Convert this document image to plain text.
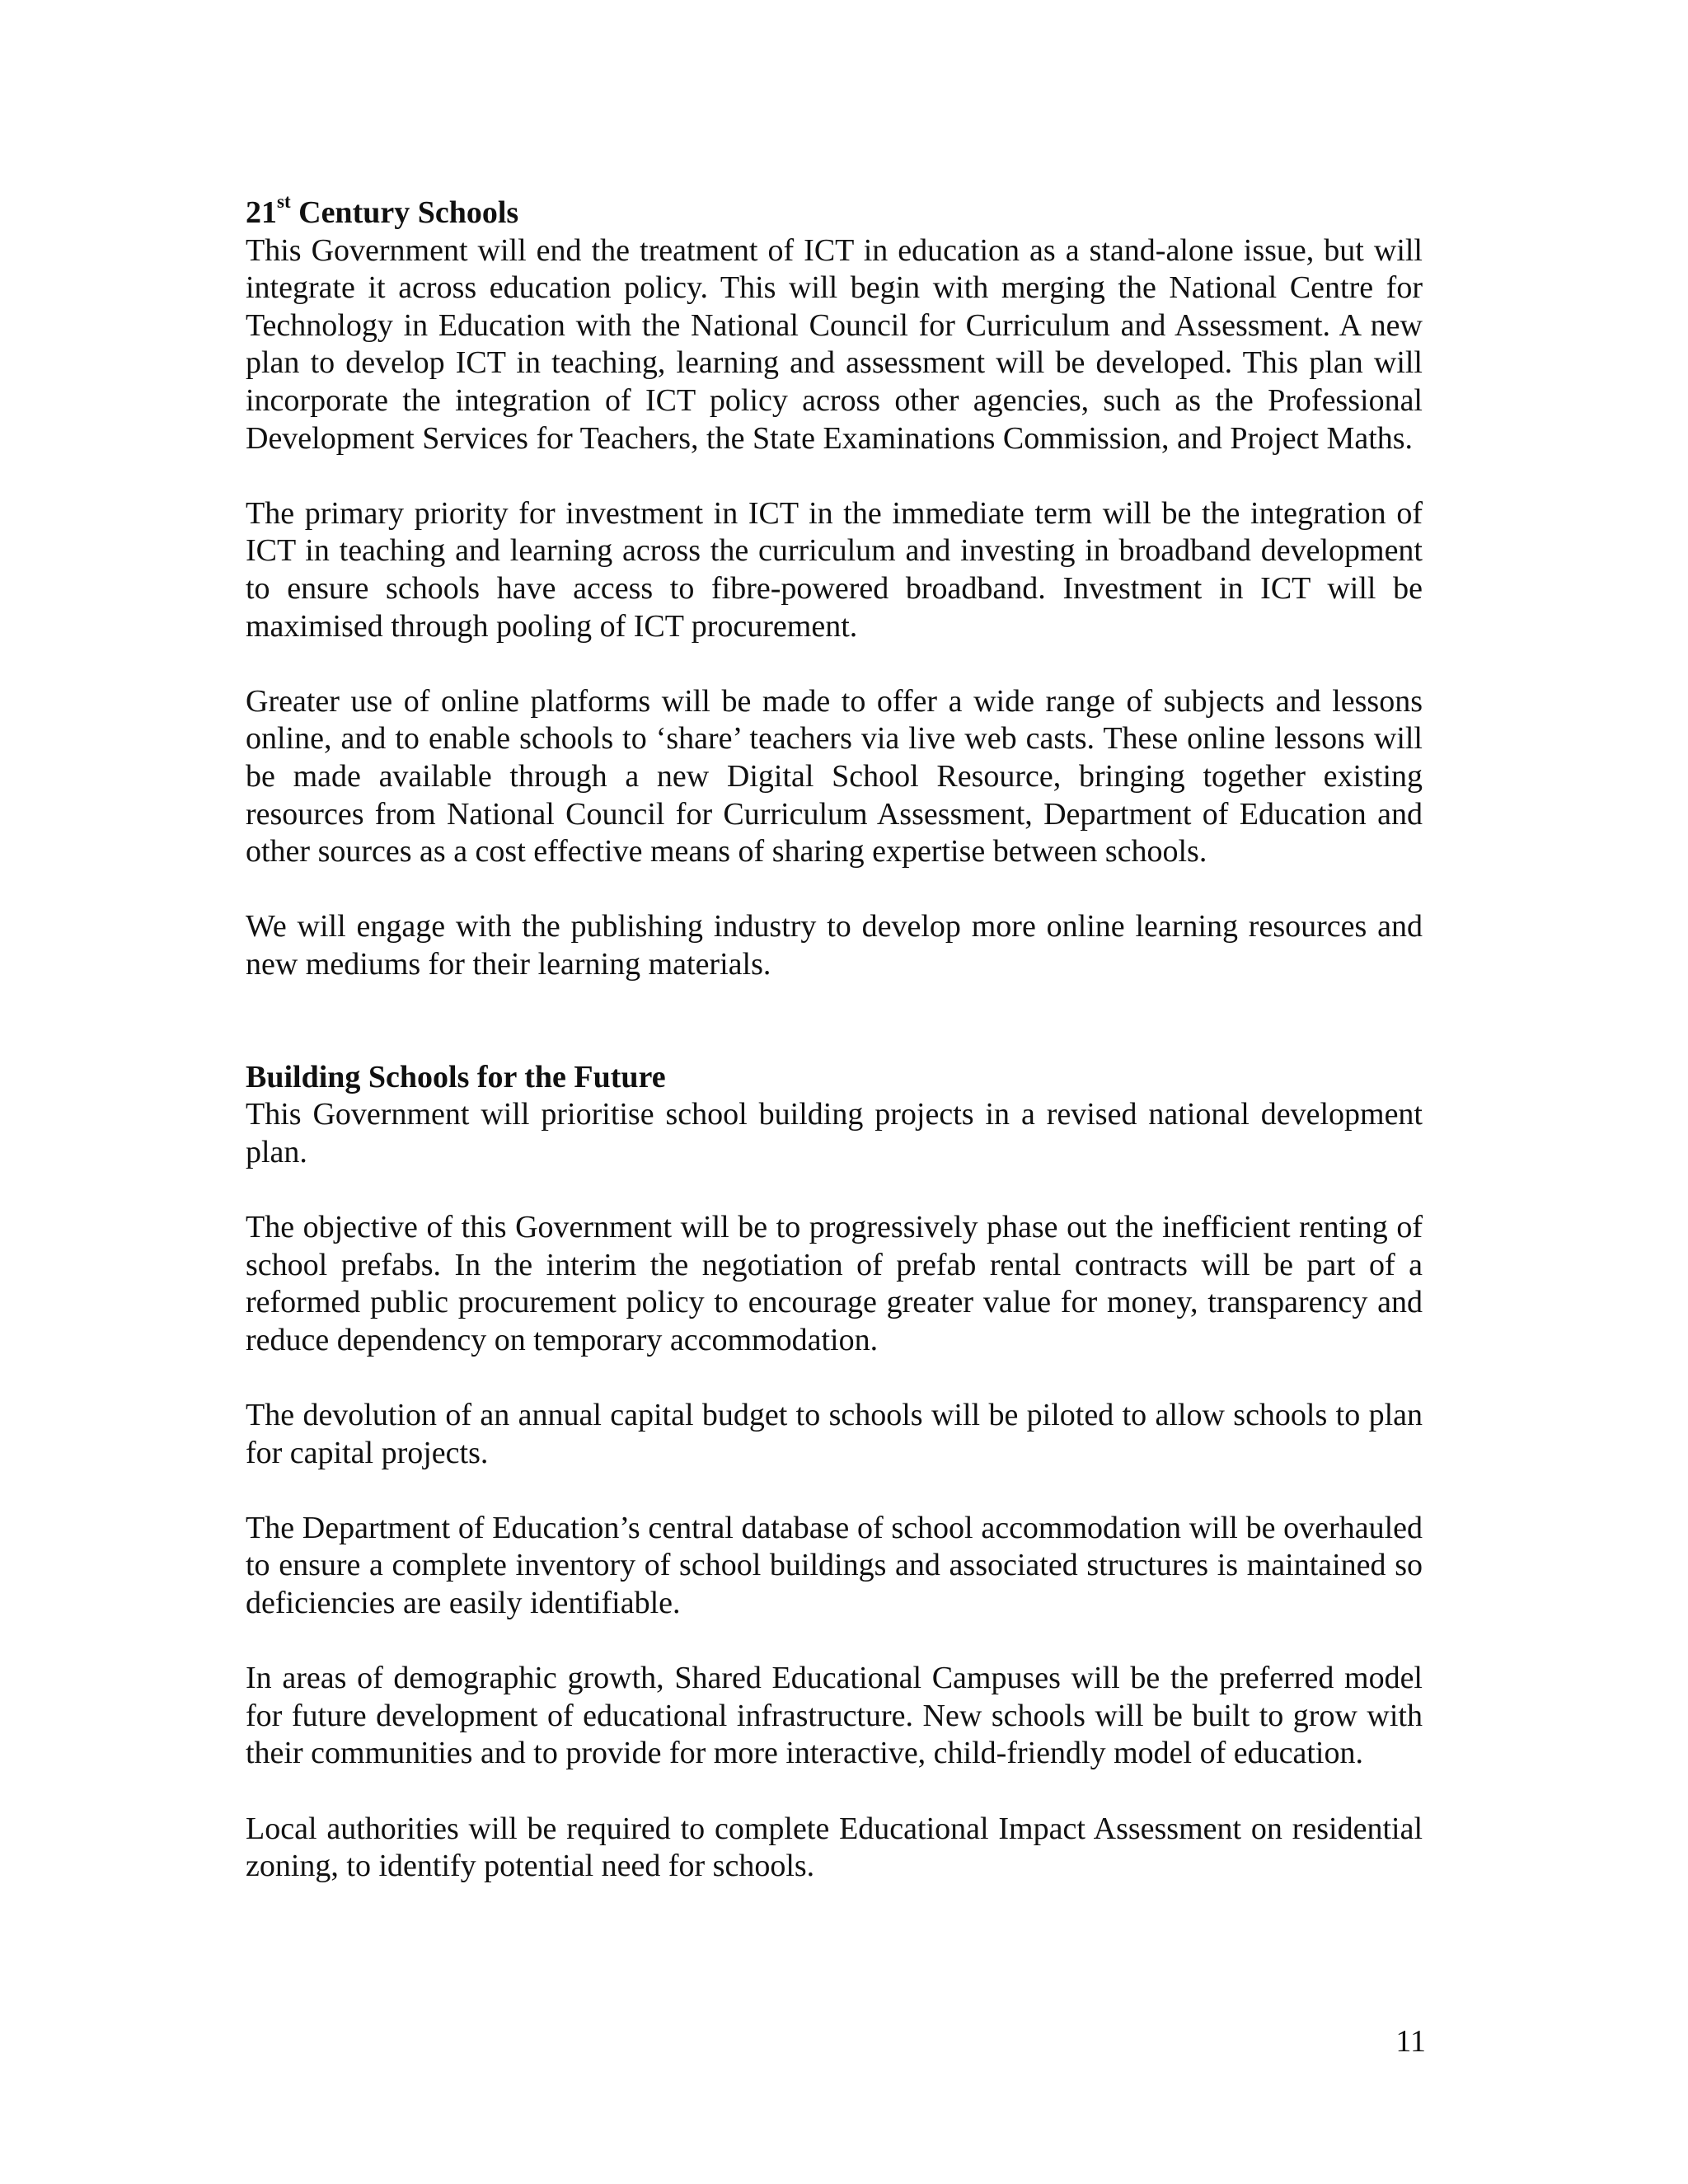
21st Century Schools

This Government will end the treatment of ICT in education as a stand-alone issue, but will integrate it across education policy. This will begin with merging the National Centre for Technology in Education with the National Council for Curriculum and Assessment. A new plan to develop ICT in teaching, learning and assessment will be developed. This plan will incorporate the integration of ICT policy across other agencies, such as the Professional Development Services for Teachers, the State Examinations Commission, and Project Maths.

The primary priority for investment in ICT in the immediate term will be the integration of ICT in teaching and learning across the curriculum and investing in broadband development to ensure schools have access to fibre-powered broadband. Investment in ICT will be maximised through pooling of ICT procurement.

Greater use of online platforms will be made to offer a wide range of subjects and lessons online, and to enable schools to ‘share’ teachers via live web casts. These online lessons will be made available through a new Digital School Resource, bringing together existing resources from National Council for Curriculum Assessment, Department of Education and other sources as a cost effective means of sharing expertise between schools.

We will engage with the publishing industry to develop more online learning resources and new mediums for their learning materials.

Building Schools for the Future

This Government will prioritise school building projects in a revised national development plan.

The objective of this Government will be to progressively phase out the inefficient renting of school prefabs. In the interim the negotiation of prefab rental contracts will be part of a reformed public procurement policy to encourage greater value for money, transparency and reduce dependency on temporary accommodation.

The devolution of an annual capital budget to schools will be piloted to allow schools to plan for capital projects.

The Department of Education’s central database of school accommodation will be overhauled to ensure a complete inventory of school buildings and associated structures is maintained so deficiencies are easily identifiable.

In areas of demographic growth, Shared Educational Campuses will be the preferred model for future development of educational infrastructure. New schools will be built to grow with their communities and to provide for more interactive, child-friendly model of education.

Local authorities will be required to complete Educational Impact Assessment on residential zoning, to identify potential need for schools.

11
